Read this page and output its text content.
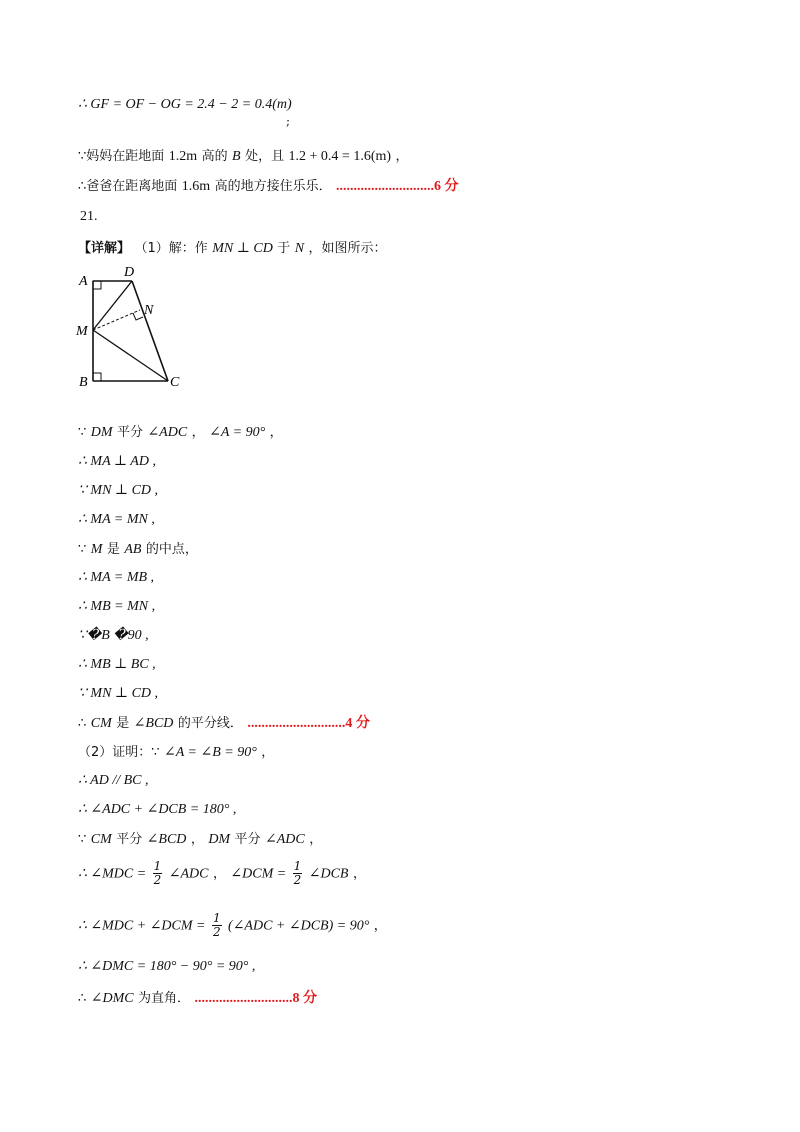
∴ GF = OF − OG = 2.4 − 2 = 0.4(m)
;
∵妈妈在距地面 1.2m 高的 B 处，且 1.2 + 0.4 = 1.6(m) ，
∴爸爸在距离地面 1.6m 高的地方接住乐乐． ............................6 分
21.
【详解】 （1）解：作 MN ⊥ CD 于 N ，如图所示：
A
D
N
M
B	C
∵ DM 平分 ∠ADC ， ∠A = 90° ，
∴ MA ⊥ AD ,
∵ MN ⊥ CD ,
∴ MA = MN ,
∵ M 是 AB 的中点，
∴ MA = MB ,
∴ MB = MN ,
∵�B �90 ,
∴ MB ⊥ BC ,
∵ MN ⊥ CD ,
∴ CM 是 ∠BCD 的平分线． ............................4 分
（2）证明：∵ ∠A = ∠B = 90° ，
∴ AD // BC ,
∴ ∠ADC + ∠DCB = 180° ,
∵ CM 平分 ∠BCD ， DM 平分 ∠ADC ，
∴ ∠MDC = $\frac{1}{2}$ ∠ADC ， ∠DCM = $\frac{1}{2}$ ∠DCB ，
∴ ∠MDC + ∠DCM = $\frac{1}{2}$ (∠ADC + ∠DCB) = 90° ，
∴ ∠DMC = 180° − 90° = 90° ,
∴ ∠DMC 为直角． ............................8 分
